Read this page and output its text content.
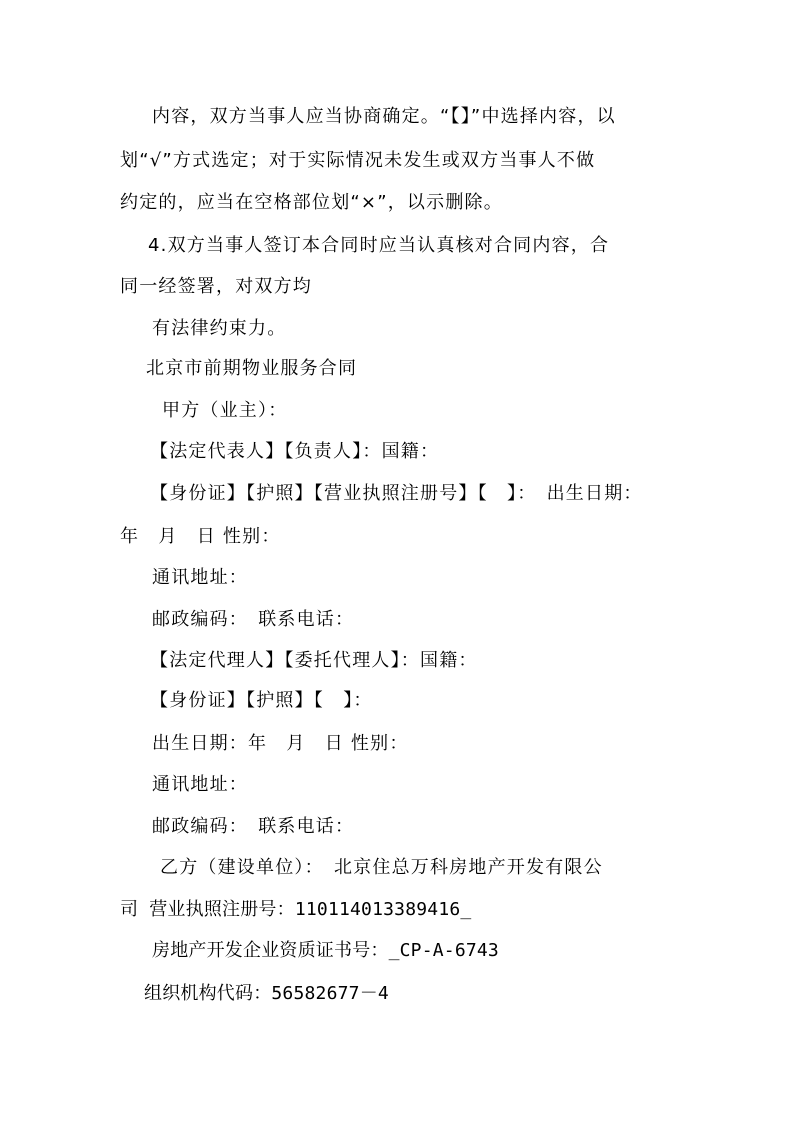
内容，双方当事人应当协商确定。“【】”中选择内容，以
划“√”方式选定；对于实际情况未发生或双方当事人不做
约定的，应当在空格部位划“×”，以示删除。
4.双方当事人签订本合同时应当认真核对合同内容，合
同一经签署，对双方均
有法律约束力。
北京市前期物业服务合同
甲方（业主）：
【法定代表人】【负责人】：国籍：
【身份证】【护照】【营业执照注册号】【　】：　出生日期：
年　月　日 性别：
通讯地址：
邮政编码：　联系电话：
【法定代理人】【委托代理人】：国籍：
【身份证】【护照】【　】：
出生日期：年　月　日 性别：
通讯地址：
邮政编码：　联系电话：
乙方（建设单位）：　北京住总万科房地产开发有限公
司 营业执照注册号：110114013389416_
房地产开发企业资质证书号：_CP-A-6743
组织机构代码：56582677－4
